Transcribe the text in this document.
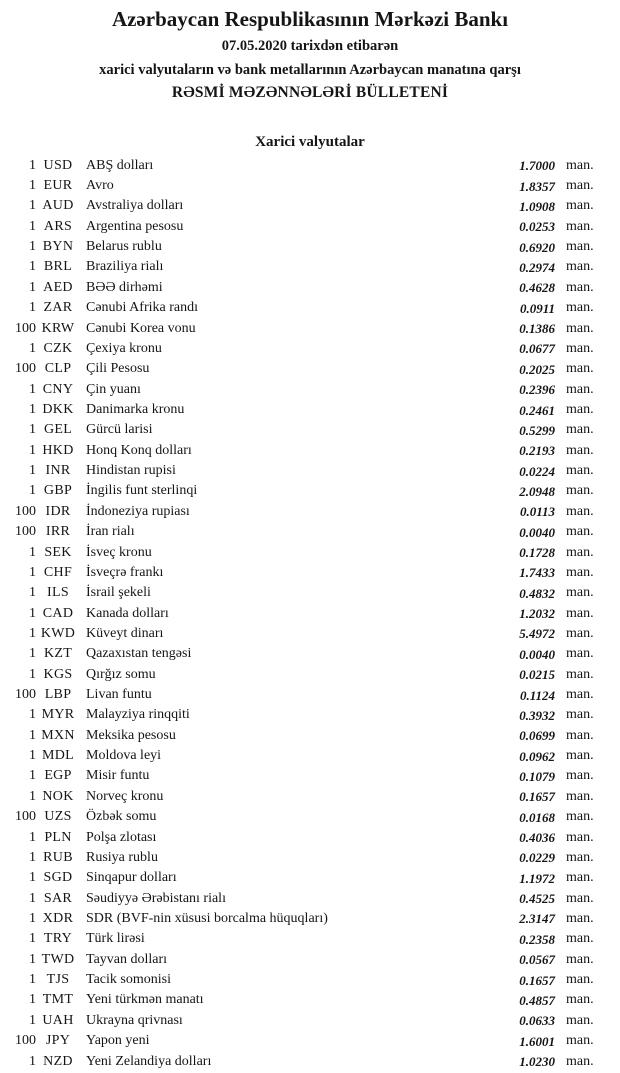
Azərbaycan Respublikasının Mərkəzi Bankı
07.05.2020 tarixdən etibarən
xarici valyutaların və bank metallarının Azərbaycan manatına qarşı
RƏSMİ MƏZƏNNƏLƏRİ BÜLLETENİ
Xarici valyutalar
1 USD ABŞ dolları	1.7000 man.
1 EUR Avro	1.8357 man.
1 AUD Avstraliya dolları	1.0908 man.
1 ARS Argentina pesosu	0.0253 man.
1 BYN Belarus rublu	0.6920 man.
1 BRL Braziliya rialı	0.2974 man.
1 AED BƏƏ dirhəmi	0.4628 man.
1 ZAR Cənubi Afrika randı	0.0911 man.
100 KRW Cənubi Korea vonu	0.1386 man.
1 CZK Çexiya kronu	0.0677 man.
100 CLP	Çili Pesosu	0.2025 man.
1 CNY Çin yuanı	0.2396 man.
1 DKK Danimarka kronu	0.2461 man.
1 GEL Gürcü larisi	0.5299 man.
1 HKD Honq Konq dolları	0.2193 man.
1 INR	Hindistan rupisi	0.0224 man.
1 GBP İngilis funt sterlinqi	2.0948 man.
100 IDR	İndoneziya rupiası	0.0113 man.
100 IRR	İran rialı	0.0040 man.
1 SEK	İsveç kronu	0.1728 man.
1 CHF İsveçrə frankı	1.7433 man.
1 ILS	İsrail şekeli	0.4832 man.
1 CAD Kanada dolları	1.2032 man.
1 KWD Küveyt dinarı	5.4972 man.
1 KZT Qazaxıstan tengəsi	0.0040 man.
1 KGS Qırğız somu	0.0215 man.
100 LBP	Livan funtu	0.1124 man.
1 MYR Malayziya rinqqiti	0.3932 man.
1 MXN Meksika pesosu	0.0699 man.
1 MDL Moldova leyi	0.0962 man.
1 EGP	Misir funtu	0.1079 man.
1 NOK Norveç kronu	0.1657 man.
100 UZS	Özbək somu	0.0168 man.
1 PLN	Polşa zlotası	0.4036 man.
1 RUB Rusiya rublu	0.0229 man.
1 SGD Sinqapur dolları	1.1972 man.
1 SAR Səudiyyə Ərəbistanı rialı	0.4525 man.
1 XDR SDR (BVF-nin xüsusi borcalma hüquqları)	2.3147 man.
1 TRY Türk lirəsi	0.2358 man.
1 TWD Tayvan dolları	0.0567 man.
1 TJS	Tacik somonisi	0.1657 man.
1 TMT Yeni türkmən manatı	0.4857 man.
1 UAH Ukrayna qrivnası	0.0633 man.
100 JPY	Yapon yeni	1.6001 man.
1 NZD Yeni Zelandiya dolları	1.0230 man.
